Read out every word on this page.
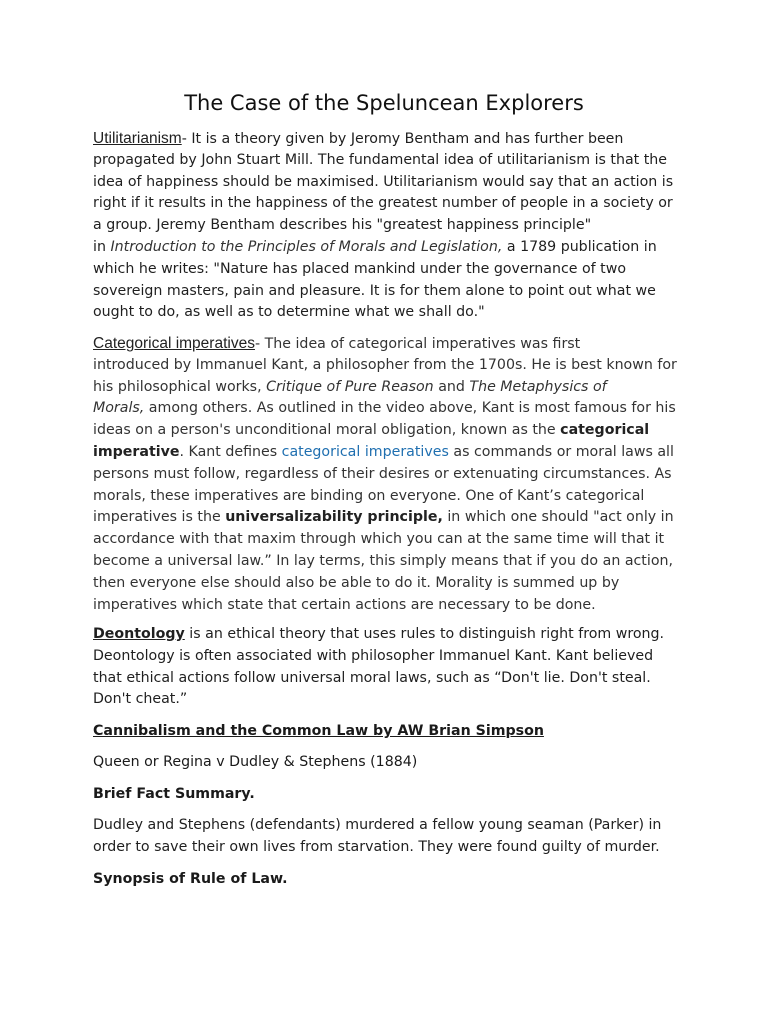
The Case of the Speluncean Explorers
Utilitarianism- It is a theory given by Jeromy Bentham and has further been
propagated by John Stuart Mill. The fundamental idea of utilitarianism is that the
idea of happiness should be maximised. Utilitarianism would say that an action is
right if it results in the happiness of the greatest number of people in a society or
a group. Jeremy Bentham describes his "greatest happiness principle"
in Introduction to the Principles of Morals and Legislation, a 1789 publication in
which he writes: "Nature has placed mankind under the governance of two
sovereign masters, pain and pleasure. It is for them alone to point out what we
ought to do, as well as to determine what we shall do."
Categorical imperatives- The idea of categorical imperatives was first
introduced by Immanuel Kant, a philosopher from the 1700s. He is best known for
his philosophical works, Critique of Pure Reason and The Metaphysics of
Morals, among others. As outlined in the video above, Kant is most famous for his
ideas on a person's unconditional moral obligation, known as the categorical
imperative. Kant defines categorical imperatives as commands or moral laws all
persons must follow, regardless of their desires or extenuating circumstances. As
morals, these imperatives are binding on everyone. One of Kant’s categorical
imperatives is the universalizability principle, in which one should "act only in
accordance with that maxim through which you can at the same time will that it
become a universal law.” In lay terms, this simply means that if you do an action,
then everyone else should also be able to do it. Morality is summed up by
imperatives which state that certain actions are necessary to be done.
Deontology is an ethical theory that uses rules to distinguish right from wrong.
Deontology is often associated with philosopher Immanuel Kant. Kant believed
that ethical actions follow universal moral laws, such as “Don't lie. Don't steal.
Don't cheat.”
Cannibalism and the Common Law by AW Brian Simpson
Queen or Regina v Dudley & Stephens (1884)
Brief Fact Summary.
Dudley and Stephens (defendants) murdered a fellow young seaman (Parker) in
order to save their own lives from starvation. They were found guilty of murder.
Synopsis of Rule of Law.
